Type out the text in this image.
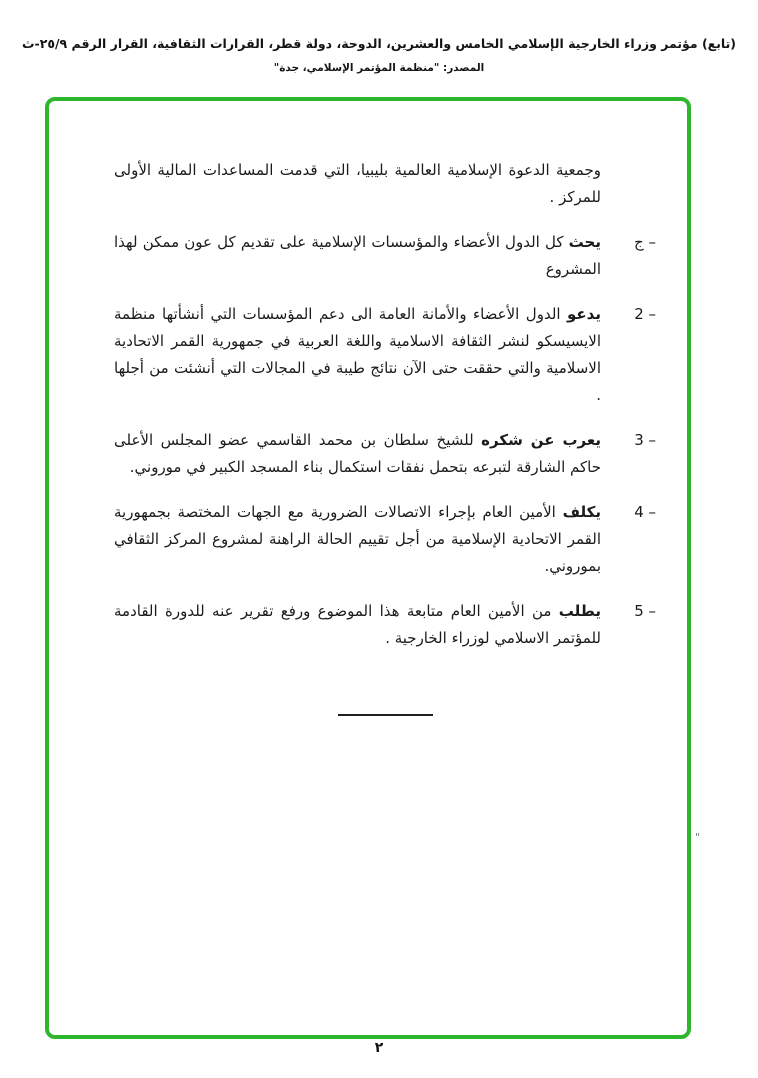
(تابع) مؤتمر وزراء الخارجية الإسلامي الخامس والعشرين، الدوحة، دولة قطر، القرارات الثقافية، القرار الرقم ٢٥/٩-ث
المصدر: "منظمة المؤتمر الإسلامي، جدة"
وجمعية الدعوة الإسلامية العالمية بليبيا، التي قدمت المساعدات المالية الأولى للمركز .
ج –
يحث كل الدول الأعضاء والمؤسسات الإسلامية على تقديم كل عون ممكن لهذا المشروع
2 –
يدعو الدول الأعضاء والأمانة العامة الى دعم المؤسسات التي أنشأتها منظمة الايسيسكو لنشر الثقافة الاسلامية واللغة العربية في جمهورية القمر الاتحادية الاسلامية والتي حققت حتى الآن نتائج طيبة في المجالات التي أنشئت من أجلها .
3 –
يعرب عن شكره للشيخ سلطان بن محمد القاسمي عضو المجلس الأعلى حاكم الشارقة لتبرعه بتحمل نفقات استكمال بناء المسجد الكبير في موروني.
4 –
يكلف الأمين العام بإجراء الاتصالات الضرورية مع الجهات المختصة بجمهورية القمر الاتحادية الإسلامية من أجل تقييم الحالة الراهنة لمشروع المركز الثقافي بموروني.
5 –
يطلب من الأمين العام متابعة هذا الموضوع ورفع تقرير عنه للدورة القادمة للمؤتمر الاسلامي لوزراء الخارجية .
٢
"
